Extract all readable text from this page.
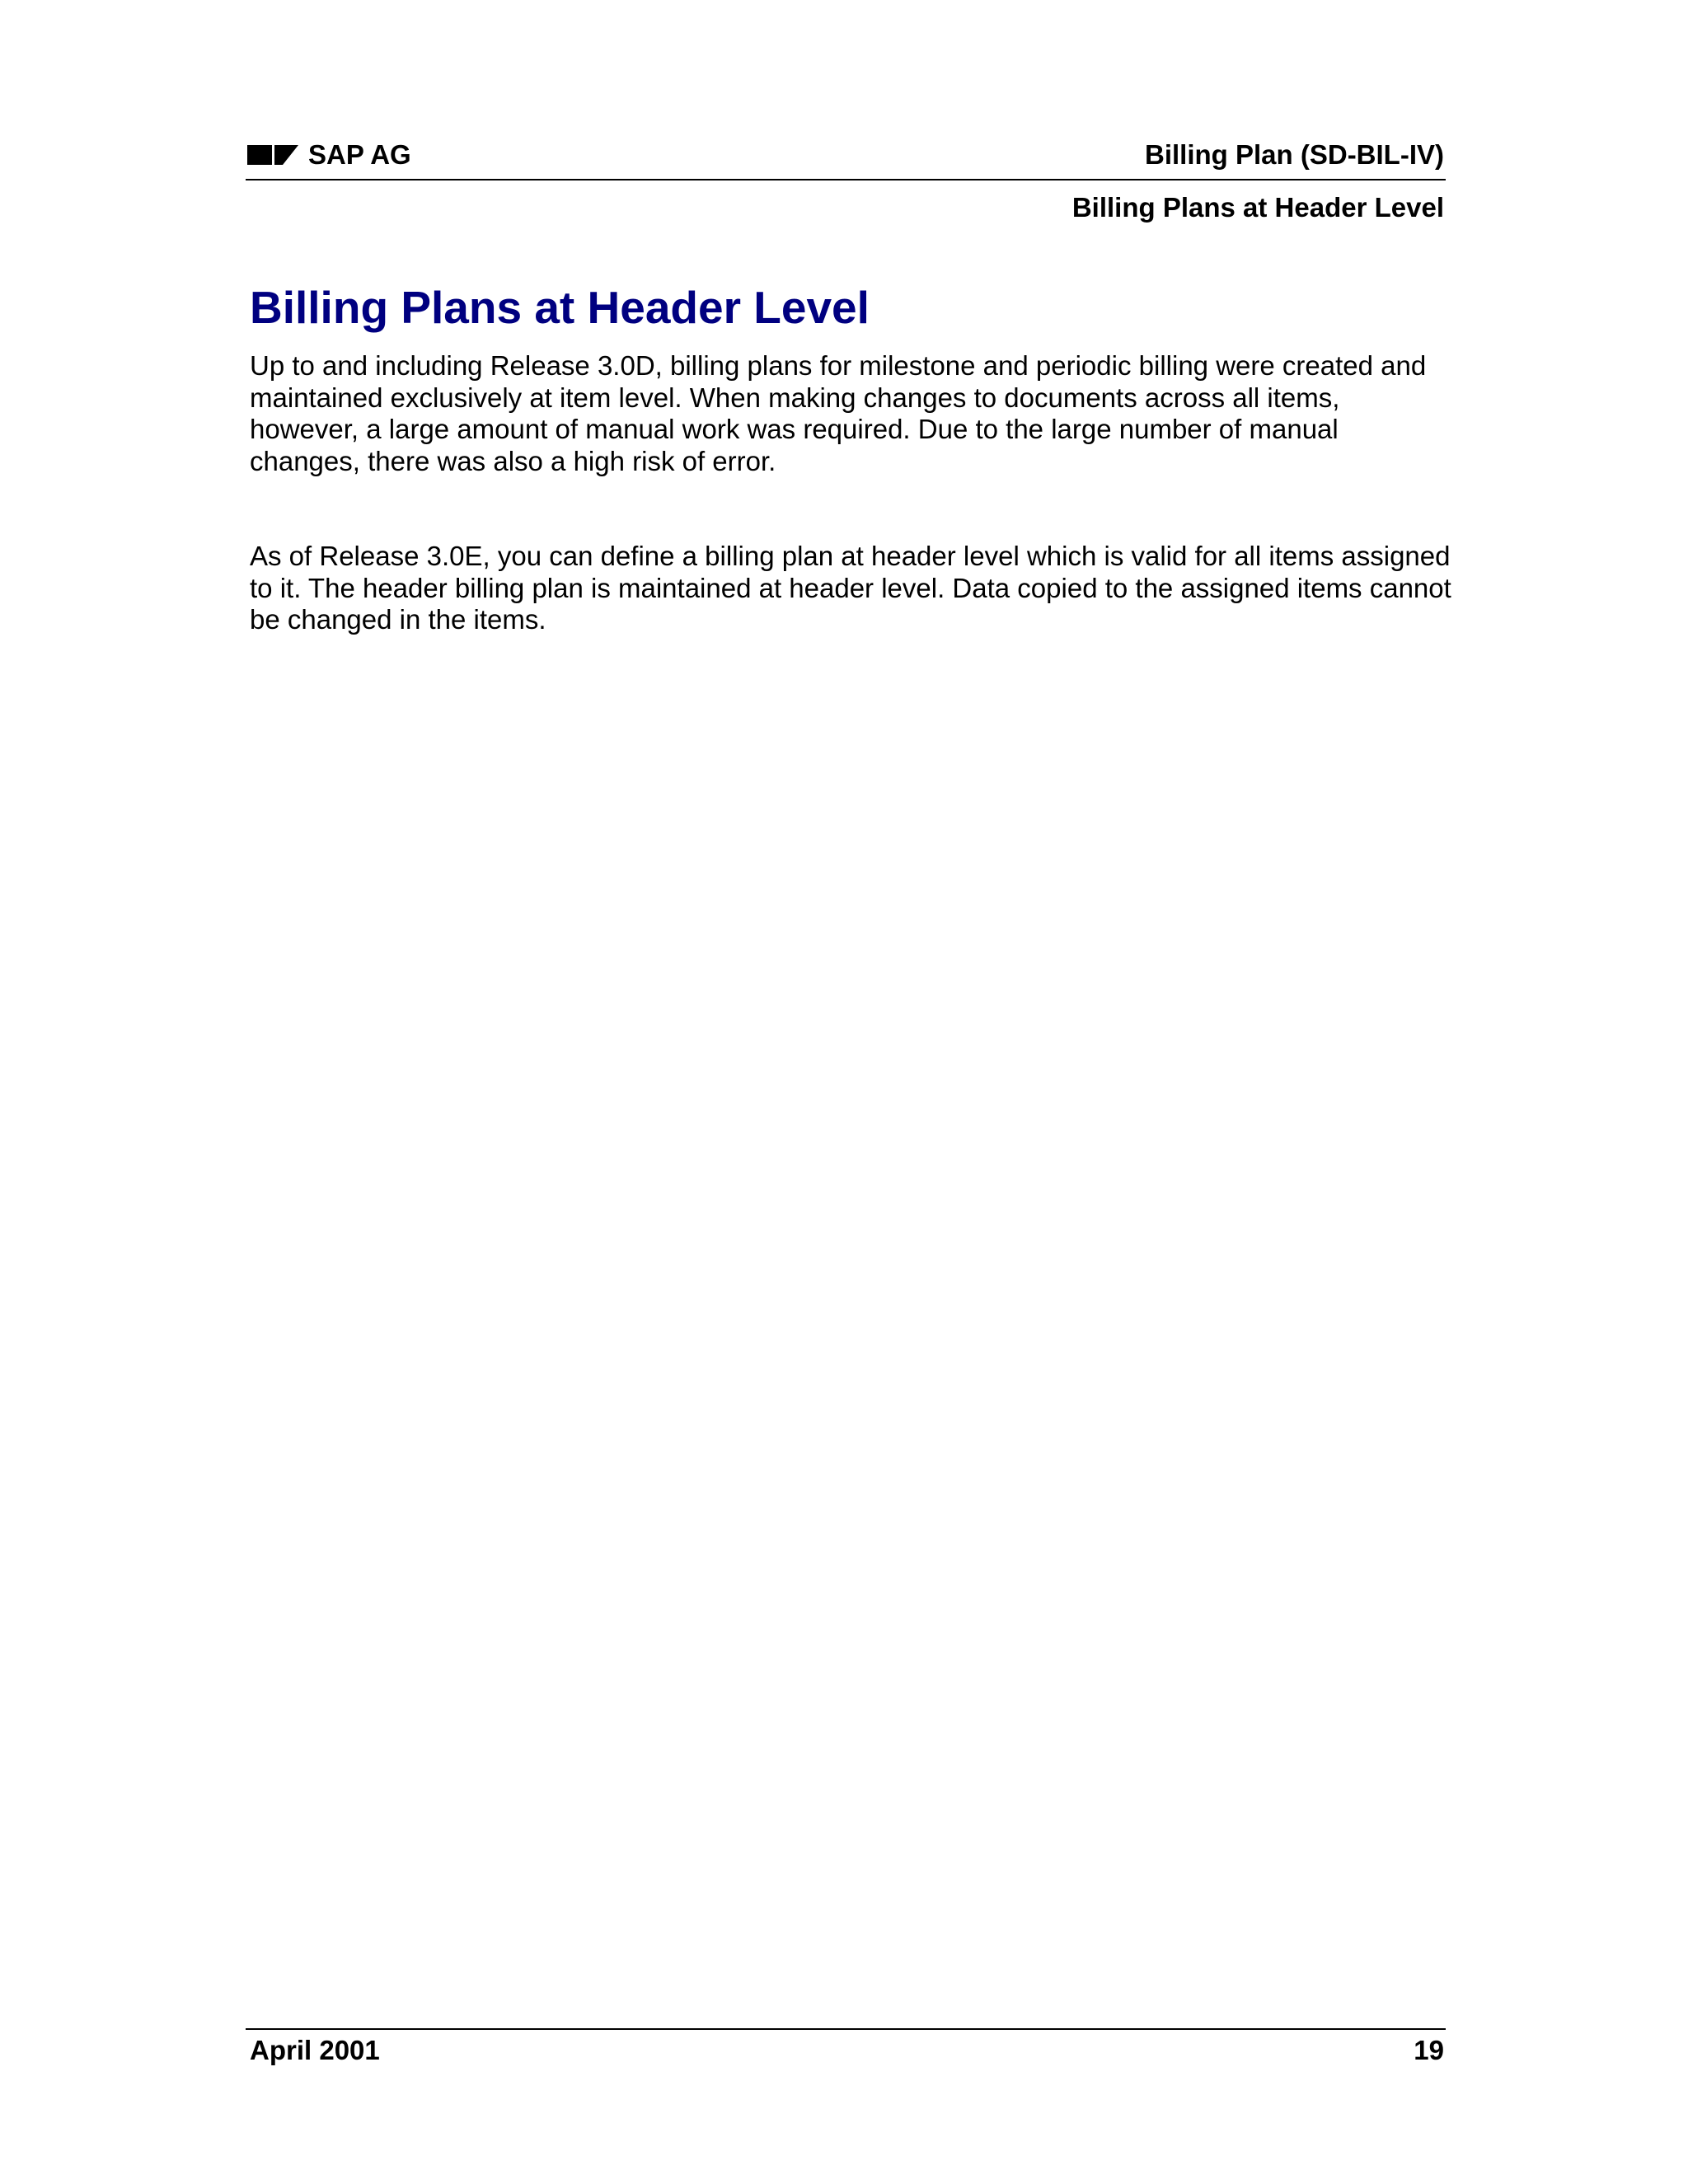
SAP AG	Billing Plan (SD-BIL-IV)
Billing Plans at Header Level
Billing Plans at Header Level

Up to and including Release 3.0D, billing plans for milestone and periodic billing were created and maintained exclusively at item level. When making changes to documents across all items, however, a large amount of manual work was required. Due to the large number of manual changes, there was also a high risk of error.

As of Release 3.0E, you can define a billing plan at header level which is valid for all items assigned to it. The header billing plan is maintained at header level. Data copied to the assigned items cannot be changed in the items.

April 2001	19
